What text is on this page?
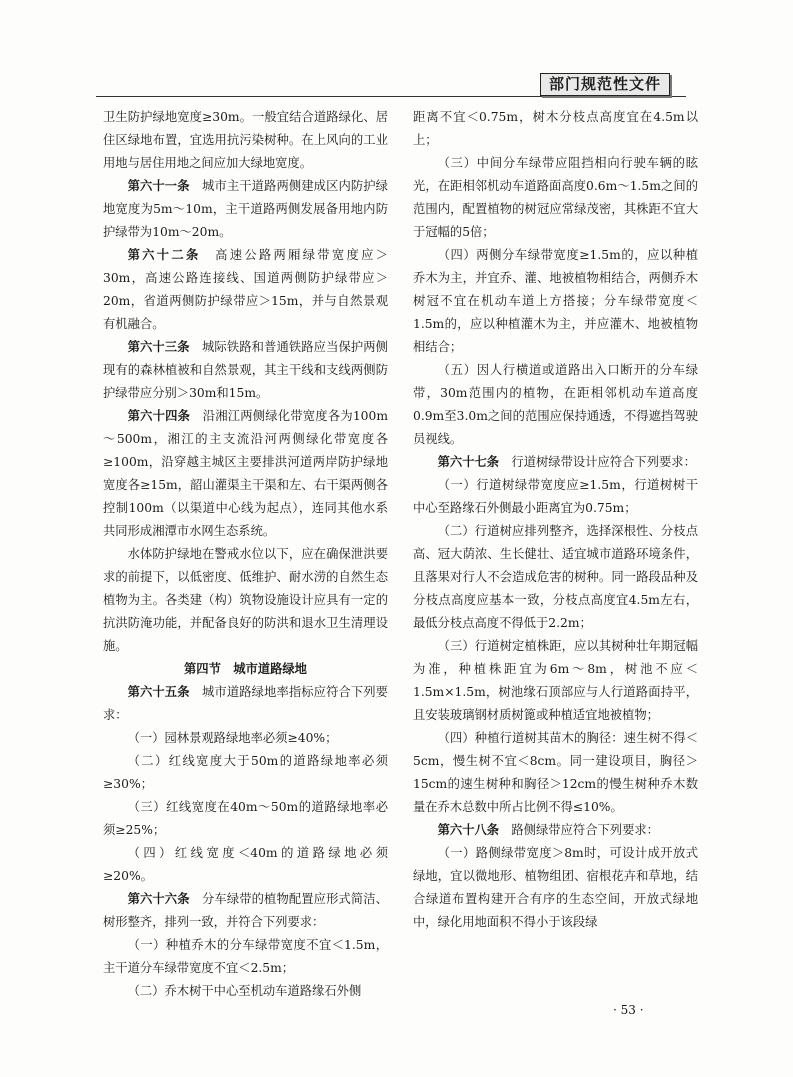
部门规范性文件

卫生防护绿地宽度≥30m。一般宜结合道路绿化、居住区绿地布置，宜选用抗污染树种。在上风向的工业用地与居住用地之间应加大绿地宽度。

第六十一条　 城市主干道路两侧建成区内防护绿地宽度为5m～10m，主干道路两侧发展备用地内防护绿带为10m～20m。

第六十二条　 高速公路两厢绿带宽度应＞30m，高速公路连接线、国道两侧防护绿带应＞20m，省道两侧防护绿带应＞15m，并与自然景观有机融合。

第六十三条　 城际铁路和普通铁路应当保护两侧现有的森林植被和自然景观，其主干线和支线两侧防护绿带应分别＞30m和15m。

第六十四条　 沿湘江两侧绿化带宽度各为100m～500m，湘江的主支流沿河两侧绿化带宽度各≥100m，沿穿越主城区主要排洪河道两岸防护绿地宽度各≥15m，韶山灌渠主干渠和左、右干渠两侧各控制100m（以渠道中心线为起点），连同其他水系共同形成湘潭市水网生态系统。

水体防护绿地在警戒水位以下，应在确保泄洪要求的前提下，以低密度、低维护、耐水涝的自然生态植物为主。各类建（构）筑物设施设计应具有一定的抗洪防淹功能，并配备良好的防洪和退水卫生清理设施。

第四节　城市道路绿地

第六十五条　 城市道路绿地率指标应符合下列要求：

（一）园林景观路绿地率必须≥40%；

（二）红线宽度大于50m的道路绿地率必须≥30%；

（三）红线宽度在40m～50m的道路绿地率必须≥25%；

（四）红线宽度＜40m的道路绿地必须≥20%。

第六十六条　 分车绿带的植物配置应形式简洁、树形整齐，排列一致，并符合下列要求：

（一）种植乔木的分车绿带宽度不宜＜1.5m，主干道分车绿带宽度不宜＜2.5m；

（二）乔木树干中心至机动车道路缘石外侧

距离不宜＜0.75m，树木分枝点高度宜在4.5m以上；

（三）中间分车绿带应阻挡相向行驶车辆的眩光，在距相邻机动车道路面高度0.6m～1.5m之间的范围内，配置植物的树冠应常绿茂密，其株距不宜大于冠幅的5倍；

（四）两侧分车绿带宽度≥1.5m的，应以种植乔木为主，并宜乔、灌、地被植物相结合，两侧乔木树冠不宜在机动车道上方搭接；分车绿带宽度＜1.5m的，应以种植灌木为主，并应灌木、地被植物相结合；

（五）因人行横道或道路出入口断开的分车绿带，30m范围内的植物，在距相邻机动车道高度0.9m至3.0m之间的范围应保持通透，不得遮挡驾驶员视线。

第六十七条　 行道树绿带设计应符合下列要求：

（一）行道树绿带宽度应≥1.5m，行道树树干中心至路缘石外侧最小距离宜为0.75m；

（二）行道树应排列整齐，选择深根性、分枝点高、冠大荫浓、生长健壮、适宜城市道路环境条件，且落果对行人不会造成危害的树种。同一路段品种及分枝点高度应基本一致，分枝点高度宜4.5m左右，最低分枝点高度不得低于2.2m；

（三）行道树定植株距，应以其树种壮年期冠幅为准，种植株距宜为6m～8m，树池不应＜1.5m×1.5m，树池缘石顶部应与人行道路面持平，且安装玻璃钢材质树篦或种植适宜地被植物；

（四）种植行道树其苗木的胸径：速生树不得＜5cm，慢生树不宜＜8cm。同一建设项目，胸径＞15cm的速生树种和胸径＞12cm的慢生树种乔木数量在乔木总数中所占比例不得≤10%。

第六十八条　 路侧绿带应符合下列要求：

（一）路侧绿带宽度＞8m时，可设计成开放式绿地，宜以微地形、植物组团、宿根花卉和草地，结合绿道布置构建开合有序的生态空间，开放式绿地中，绿化用地面积不得小于该段绿

· 53 ·
